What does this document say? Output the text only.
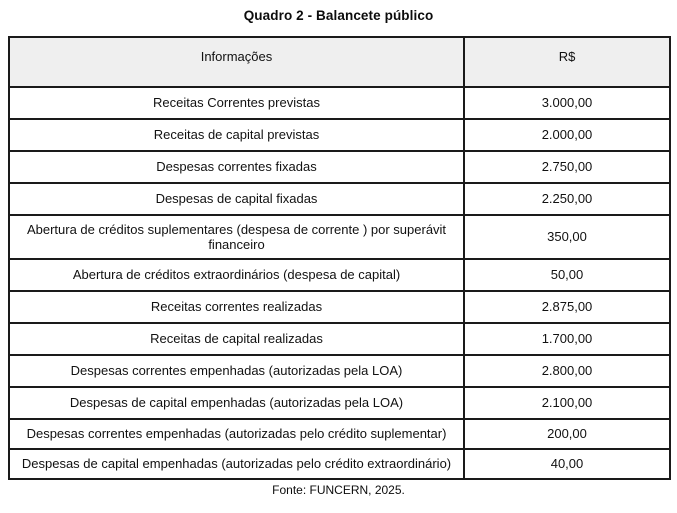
Quadro 2 - Balancete público
Informações	R$
Receitas Correntes previstas	3.000,00
Receitas de capital previstas	2.000,00
Despesas correntes fixadas	2.750,00
Despesas de capital fixadas	2.250,00
Abertura de créditos suplementares (despesa de corrente ) por superávit financeiro	350,00
Abertura de créditos extraordinários (despesa de capital)	50,00
Receitas correntes realizadas	2.875,00
Receitas de capital realizadas	1.700,00
Despesas correntes empenhadas (autorizadas pela LOA)	2.800,00
Despesas de capital empenhadas (autorizadas pela LOA)	2.100,00
Despesas correntes empenhadas (autorizadas pelo crédito suplementar)	200,00
Despesas de capital empenhadas (autorizadas pelo crédito extraordinário)	40,00
Fonte: FUNCERN, 2025.
